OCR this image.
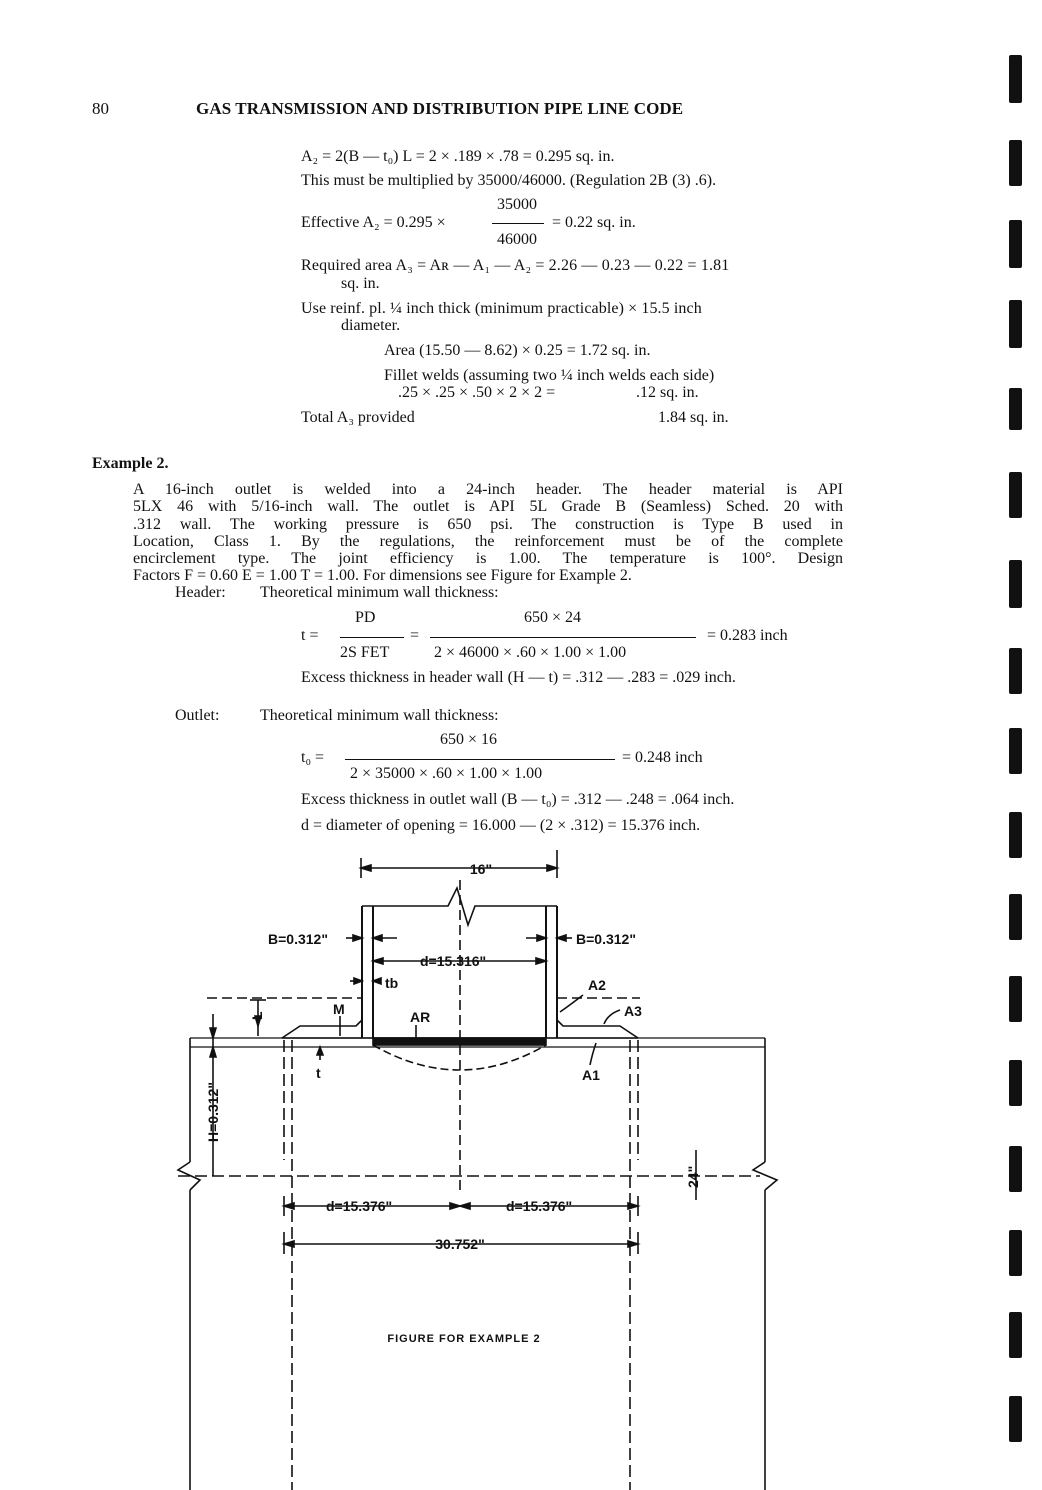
80	GAS TRANSMISSION AND DISTRIBUTION PIPE LINE CODE
A₂ = 2(B — t₀) L = 2 × .189 × .78 = 0.295 sq. in.
This must be multiplied by 35000/46000. (Regulation 2B (3) .6).
35000
Effective A₂ = 0.295 ×	= 0.22 sq. in.
46000
Required area A₃ = Aʀ — A₁ — A₂ = 2.26 — 0.23 — 0.22 = 1.81
sq. in.
Use reinf. pl. ¼ inch thick (minimum practicable) × 15.5 inch
diameter.
Area (15.50 — 8.62) × 0.25 = 1.72 sq. in.
Fillet welds (assuming two ¼ inch welds each side)
.25 × .25 × .50 × 2 × 2 =	.12 sq. in.
Total A₃ provided	1.84 sq. in.
Example 2.
A 16-inch outlet is welded into a 24-inch header. The header material is API
5LX 46 with 5/16-inch wall. The outlet is API 5L Grade B (Seamless) Sched. 20 with
.312 wall. The working pressure is 650 psi. The construction is Type B used in
Location, Class 1. By the regulations, the reinforcement must be of the complete
encirclement type. The joint efficiency is 1.00. The temperature is 100°. Design
Factors F = 0.60 E = 1.00 T = 1.00. For dimensions see Figure for Example 2.
Header: Theoretical minimum wall thickness:
PD	650 × 24
t =	=	= 0.283 inch
2S FET	2 × 46000 × .60 × 1.00 × 1.00
Excess thickness in header wall (H — t) = .312 — .283 = .029 inch.
Outlet:	Theoretical minimum wall thickness:
650 × 16
t₀ =	= 0.248 inch
2 × 35000 × .60 × 1.00 × 1.00
Excess thickness in outlet wall (B — t₀) = .312 — .248 = .064 inch.
d = diameter of opening = 16.000 — (2 × .312) = 15.376 inch.
16"
B=0.312"	B=0.312"
d=15.316"
tb	A2
A3
AR
M
L
t	A1
H=0.312"
d=15.376"	d=15.376"
30.752"
24"
FIGURE FOR EXAMPLE 2
